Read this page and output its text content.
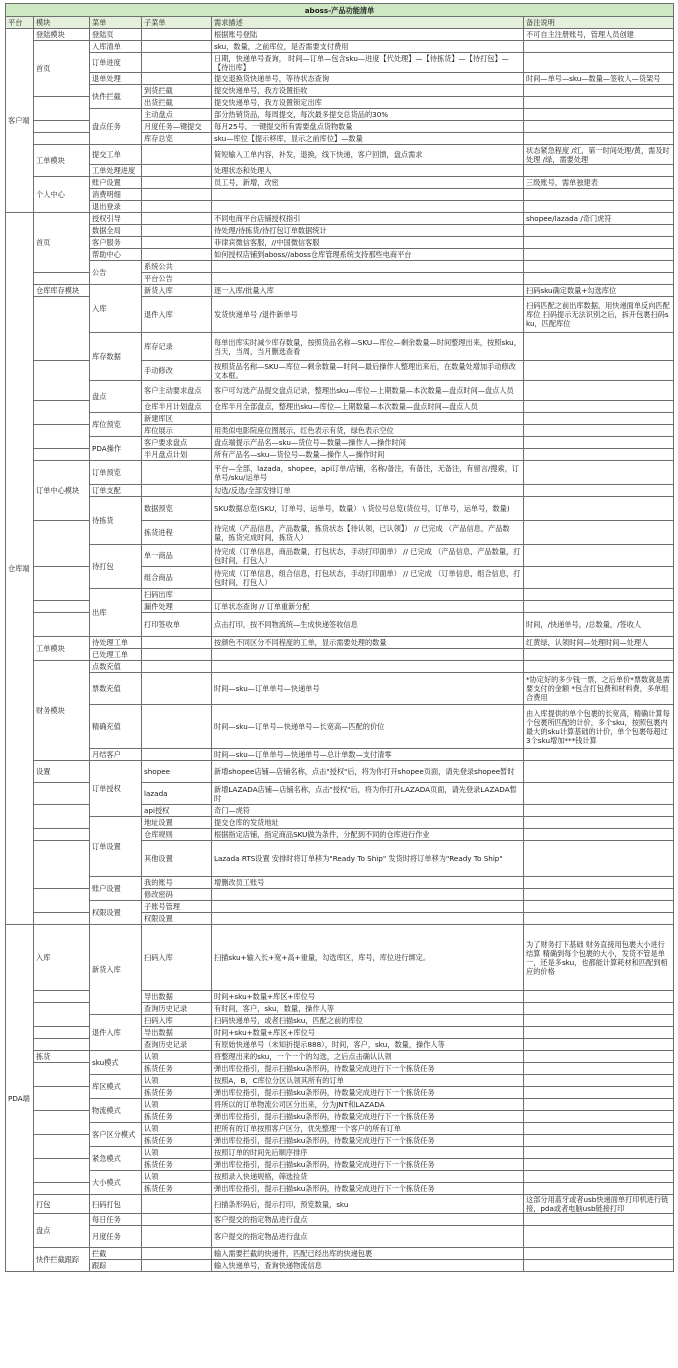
aboss-产品功能清单					
平台	模块	菜单	子菜单	需求描述	备注说明
客户端	登陆模块	登陆页		根据账号登陆	不可自主注册账号，管理人员创建
	首页	入库清单		sku，数量，之前库位，是否需要支付费用	
		订单进度		日期，快递单号查询， 时间—订单—包含sku—进度【代处理】—【待拣货】—【待打包】—【待出库】	
		退单处理		提交退换货快递单号，等待状态查询	时间—单号—sku—数量—签收人—货架号
		快件拦截	到货拦截	提交快递单号，我方设置拒收	
			出货拦截	提交快递单号，我方设置锁定出库	
		盘点任务	主动盘点	部分热销货品，每周提交，每次最多提交总货品的30%	
			月度任务—键提交	每月25号，一键提交所有需要盘点货物数量	
			库存总览	sku—库位【提示移库，显示之前库位】—数量	
	工单模块	提交工单		简短输入工单内容，补发，退换，线下快递，客户回馈，盘点需求	状态紧急程度 /红，第一时间处理/黄，需及时处理 /绿，需要处理
		工单处理进度		处理状态和处理人	
	个人中心	账户设置		员工号，新增，改密	三级账号，需单独建表
		消费明细			
		退出登录			
仓库端	首页	授权引导		不同电商平台店铺授权指引	shopee/lazada /奇门虎符
		数据全局		待处理/待拣货/待打包订单数据统计	
		客户服务		菲律宾微信客服，//中国微信客服	
		帮助中心		如何授权店铺到aboss//aboss仓库管理系统支持那些电商平台	
		公告	系统公共		
			平台公告		
	仓库库存模块	入库	新货入库	逐一入库/批量入库	扫码sku确定数量+勾选库位
			退件入库	发货快递单号 /退件新单号	扫码匹配之前出库数据，用快递面单反向匹配库位 扫码提示无法识别之后，拆开包裹扫码sku，匹配库位
		库存数据	库存记录	每单出库实时减少库存数量，按照货品名称—SKU—库位—剩余数量—时间整理出来，按照sku，当天，当周，当月删选查看	
			手动修改	按照货品名称—SKU—库位—剩余数量—时间—最后操作人整理出来后，在数量处增加手动修改文本框。	
		盘点	客户主动要求盘点	客户可勾选产品提交盘点记录，整理出sku—库位—上期数量—本次数量—盘点时间—盘点人员	
			仓库半月计划盘点	仓库半月全部盘点，整理出sku—库位—上期数量—本次数量—盘点时间—盘点人员	
		库位预览	新建库区		
			库位展示	用类似电影院座位图展示，红色表示有货，绿色表示空位	
		PDA操作	客户要求盘点	盘点端提示产品名—sku—货位号—数量—操作人—操作时间	
			半月盘点计划	所有产品名—sku—货位号—数量—操作人—操作时间	
	订单中心模块	订单预览		平台—全部，lazada，shopee，api订单/店铺，名称/备注，有备注，无备注，有留言/搜索，订单号/sku/运单号	
		订单支配		勾选/反选/全部安排订单	
		待拣货	数据预览	SKU数据总览(SKU，订单号，运单号，数量） \ 货位号总览(货位号，订单号，运单号，数量)	
			拣货进程	待完成（产品信息，产品数量，拣货状态【待认领，已认领】） // 已完成 （产品信息，产品数量，拣货完成时间，拣货人）	
		待打包	单一商品	待完成（订单信息，商品数量，打包状态，手动打印面单） // 已完成 （产品信息，产品数量，打包时间，打包人）	
			组合商品	待完成（订单信息，组合信息，打包状态，手动打印面单） // 已完成 （订单信息，组合信息，打包时间，打包人）	
		出库	扫码出库		
			漏件处理	订单状态查询 // 订单重新分配	
			打印签收单	点击打印，按不同物流统—生成快递签收信息	时间，/快递单号，/总数量，/签收人
	工单模块	待处理工单		按颜色不同区分不同程度的工单，显示需要处理的数量	红黄绿，认领时间—处理时间—处理人
		已处理工单			
	财务模块	点数充值			
		票数充值		时间—sku—订单单号—快递单号	*协定好的多少钱一票，之后单价*票数就是需要支付的金额 *包含打包费和材料费，多单组合费用
		精确充值		时间—sku—订单号—快递单号—长宽高—匹配的价位	由入库提供的单个包裹的长宽高，精确计算每个包裹所匹配的计价，多个sku，按照包裹内最大的sku计算基础的计价，单个包裹每超过3个sku增加***钱计算
		月结客户		时间—sku—订单单号—快递单号—总计单数—支付清零	
	设置	订单授权	shopee	新增shopee店铺—店铺名称，点击"授权"后，将为你打开shopee页面，请先登录shopee暂时	
			lazada	新增LAZADA店铺—店铺名称，点击"授权"后，将为你打开LAZADA页面，请先登录LAZADA暂时	
			api授权	奇门—虎符	
		订单设置	地址设置	提交仓库的发货地址	
			仓库规则	根据指定店铺，指定商品SKU做为条件，分配到不同的仓库进行作业	
			其他设置	Lazada RTS设置 安排时将订单移为"Ready To Ship" 发货时将订单移为"Ready To Ship"	
		账户设置	我的账号	增删改员工账号	
			修改密码		
		权限设置	子账号管理		
			权限设置		
PDA端	入库	新货入库	扫码入库	扫描sku+输入长+宽+高+重量，勾选库区，库号，库位进行绑定。	为了财务打下基础 财务直接用包裹大小进行结算 精确到每个包裹的大小，发货不管是单一，还是多sku，也都能计算耗材和匹配到相应的价格
			导出数据	时间+sku+数量+库区+库位号	
			查询历史记录	有时间，客户，sku，数量，操作人等	
		退件入库	扫码入库	扫码快递单号，或者扫描sku，匹配之前的库位	
			导出数据	时间+sku+数量+库区+库位号	
			查询历史记录	有原始快递单号（未知折提示888），时间，客户，sku，数量，操作人等	
	拣货	sku模式	认领	将整理出来的sku，一个一个的勾选，之后点击确认认领	
			拣货任务	弹出库位指引，提示扫描sku条形码，待数量完成进行下一个拣货任务	
		库区模式	认领	按照A，B，C库位分区认领其所有的订单	
			拣货任务	弹出库位指引，提示扫描sku条形码，待数量完成进行下一个拣货任务	
		物流模式	认领	将所以的订单物流公司区分出来，分为JNT和LAZADA	
			拣货任务	弹出库位指引，提示扫描sku条形码，待数量完成进行下一个拣货任务	
		客户区分模式	认领	把所有的订单按照客户区分，优先整理一个客户的所有订单	
			拣货任务	弹出库位指引，提示扫描sku条形码，待数量完成进行下一个拣货任务	
		紧急模式	认领	按照订单的时间先后顺序排序	
			拣货任务	弹出库位指引，提示扫描sku条形码，待数量完成进行下一个拣货任务	
		大小模式	认领	按照录入快递规格，筛选捡货	
			拣货任务	弹出库位指引，提示扫描sku条形码，待数量完成进行下一个拣货任务	
	打包	扫码打包		扫描条形码后，提示打印，预览数量，sku	这部分用蓝牙或者usb快递面单打印机进行链接，pda或者电脑usb链接打印
	盘点	每日任务		客户提交的指定物品进行盘点	
		月度任务		客户提交的指定物品进行盘点	
	快件拦截跟踪	拦截		输入需要拦截的快递件，匹配已经出库的快递包裹	
		跟踪		输入快递单号，查询快递物流信息	
